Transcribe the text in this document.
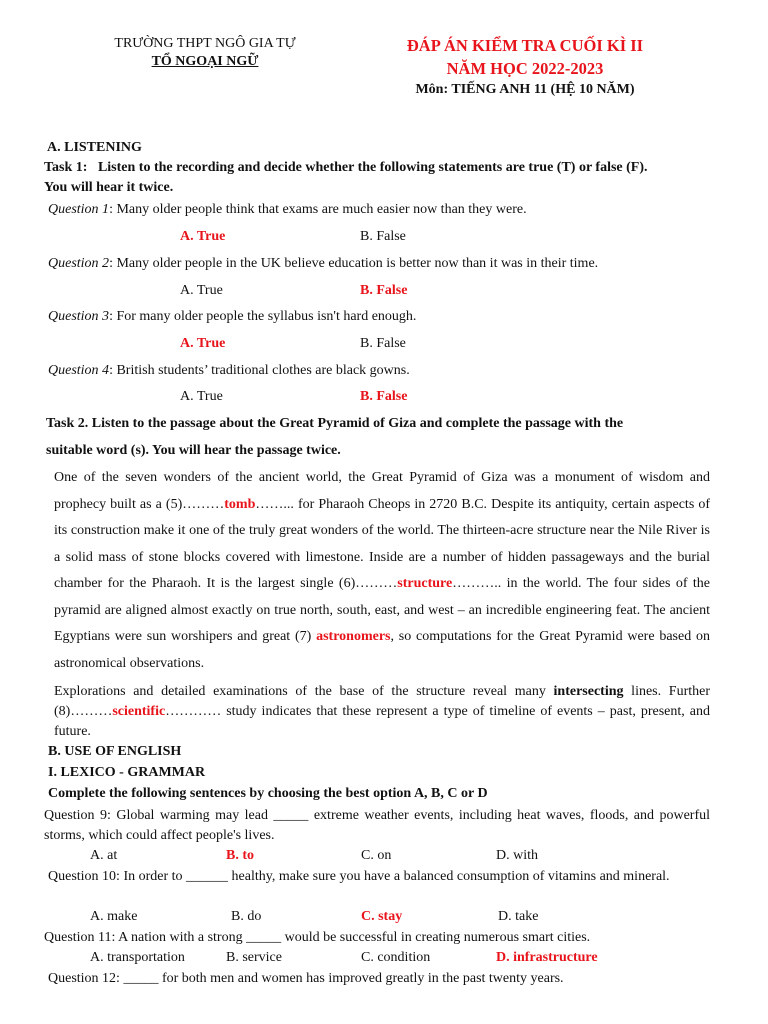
TRƯỜNG THPT NGÔ GIA TỰ
TỔ NGOẠI NGỮ
ĐÁP ÁN KIỂM TRA CUỐI KÌ II
NĂM HỌC 2022-2023
Môn: TIẾNG ANH 11 (HỆ 10 NĂM)
A. LISTENING
Task 1: Listen to the recording and decide whether the following statements are true (T) or false (F).
You will hear it twice.
Question 1: Many older people think that exams are much easier now than they were.
A. True	B. False
Question 2: Many older people in the UK believe education is better now than it was in their time.
A. True	B. False
Question 3: For many older people the syllabus isn't hard enough.
A. True	B. False
Question 4: British students’ traditional clothes are black gowns.
A. True	B. False
Task 2. Listen to the passage about the Great Pyramid of Giza and complete the passage with the
suitable word (s). You will hear the passage twice.
One of the seven wonders of the ancient world, the Great Pyramid of Giza was a monument of wisdom and prophecy built as a (5)………tomb……... for Pharaoh Cheops in 2720 B.C. Despite its antiquity, certain aspects of its construction make it one of the truly great wonders of the world. The thirteen-acre structure near the Nile River is a solid mass of stone blocks covered with limestone. Inside are a number of hidden passageways and the burial chamber for the Pharaoh. It is the largest single (6)………structure……….. in the world. The four sides of the pyramid are aligned almost exactly on true north, south, east, and west – an incredible engineering feat. The ancient Egyptians were sun worshipers and great (7) astronomers, so computations for the Great Pyramid were based on astronomical observations.
Explorations and detailed examinations of the base of the structure reveal many intersecting lines. Further (8)………scientific………… study indicates that these represent a type of timeline of events – past, present, and future.
B. USE OF ENGLISH
I. LEXICO - GRAMMAR
Complete the following sentences by choosing the best option A, B, C or D
Question 9: Global warming may lead _____ extreme weather events, including heat waves, floods, and powerful storms, which could affect people's lives.
A. at	B. to	C. on	D. with
Question 10: In order to ______ healthy, make sure you have a balanced consumption of vitamins and mineral.
A. make	B. do	C. stay	D. take
Question 11: A nation with a strong _____ would be successful in creating numerous smart cities.
A. transportation	B. service	C. condition	D. infrastructure
Question 12: _____ for both men and women has improved greatly in the past twenty years.
